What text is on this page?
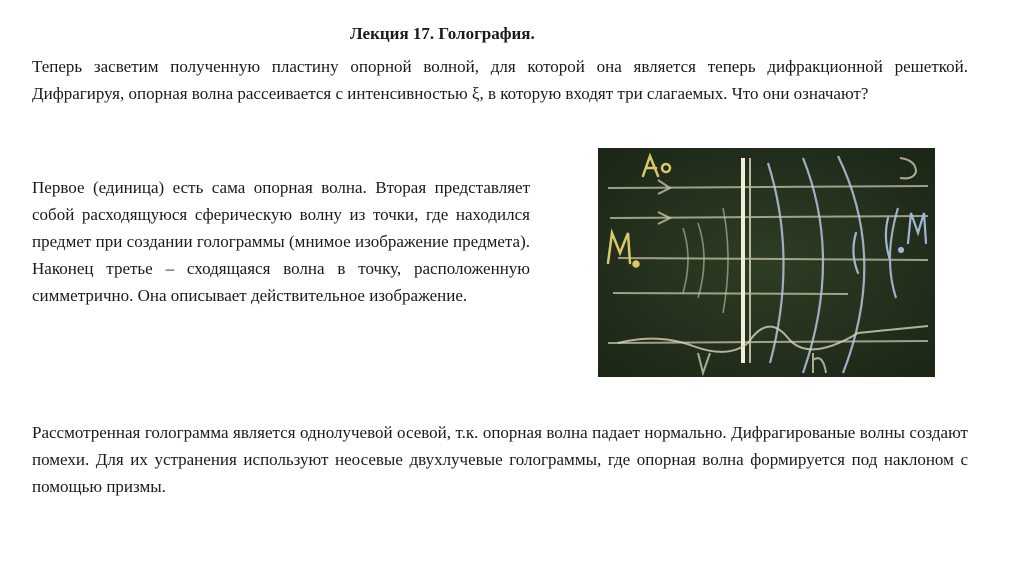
Лекция 17. Голография.

Теперь засветим полученную пластину опорной волной, для которой она является теперь дифракционной решеткой. Дифрагируя, опорная волна рассеивается с интенсивностью ξ, в которую входят три слагаемых. Что они означают?

Первое (единица) есть сама опорная волна. Вторая представляет собой расходящуюся сферическую волну из точки, где находился предмет при создании голограммы (мнимое изображение предмета). Наконец третье – сходящаяся волна в точку, расположенную симметрично. Она описывает действительное изображение.

Рассмотренная голограмма является однолучевой осевой, т.к. опорная волна падает нормально. Дифрагированые волны создают помехи. Для их устранения используют неосевые двухлучевые голограммы, где опорная волна формируется под наклоном с помощью призмы.
